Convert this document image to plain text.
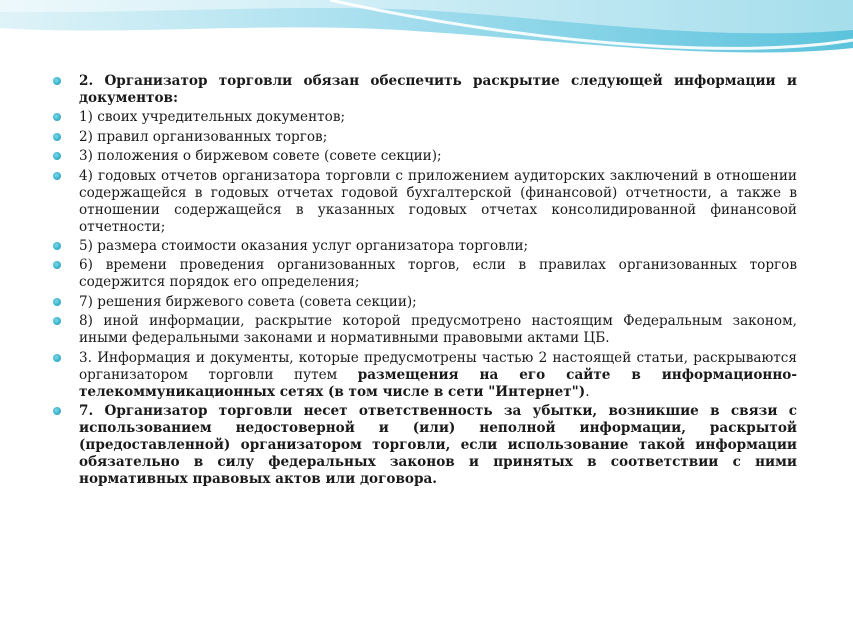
2. Организатор торговли обязан обеспечить раскрытие следующей информации и документов:
1) своих учредительных документов;
2) правил организованных торгов;
3) положения о биржевом совете (совете секции);
4) годовых отчетов организатора торговли с приложением аудиторских заключений в отношении содержащейся в годовых отчетах годовой бухгалтерской (финансовой) отчетности, а также в отношении содержащейся в указанных годовых отчетах консолидированной финансовой отчетности;
5) размера стоимости оказания услуг организатора торговли;
6) времени проведения организованных торгов, если в правилах организованных торгов содержится порядок его определения;
7) решения биржевого совета (совета секции);
8) иной информации, раскрытие которой предусмотрено настоящим Федеральным законом, иными федеральными законами и нормативными правовыми актами ЦБ.
3. Информация и документы, которые предусмотрены частью 2 настоящей статьи, раскрываются организатором торговли путем размещения на его сайте в информационно-телекоммуникационных сетях (в том числе в сети "Интернет").
7. Организатор торговли несет ответственность за убытки, возникшие в связи с использованием недостоверной и (или) неполной информации, раскрытой (предоставленной) организатором торговли, если использование такой информации обязательно в силу федеральных законов и принятых в соответствии с ними нормативных правовых актов или договора.
